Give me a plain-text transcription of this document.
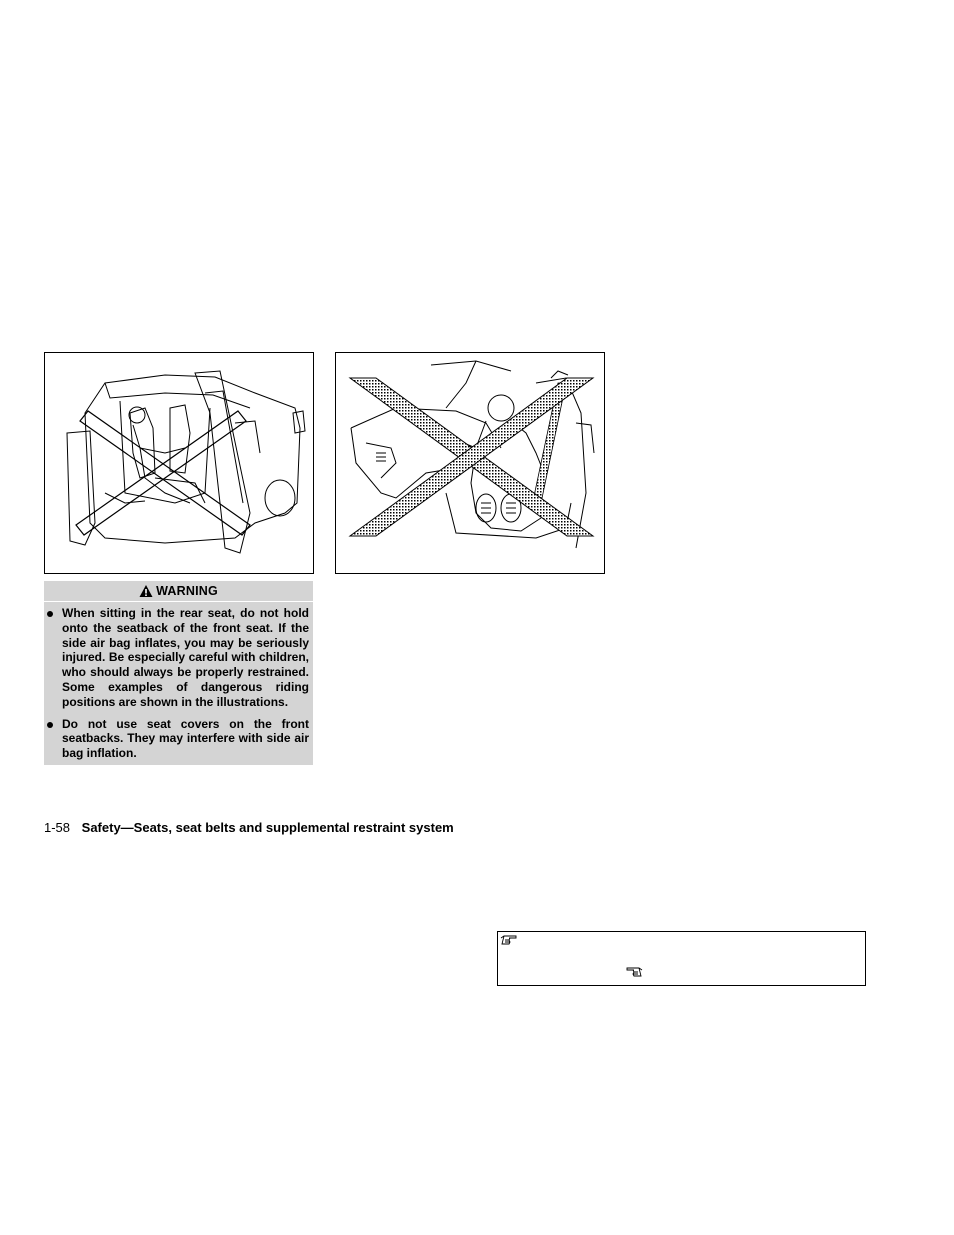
WARNING
When sitting in the rear seat, do not hold onto the seatback of the front seat. If the side air bag inflates, you may be seriously injured. Be especially careful with children, who should always be properly restrained. Some examples of dangerous riding positions are shown in the illustrations.
Do not use seat covers on the front seatbacks. They may interfere with side air bag inflation.
1-58 Safety—Seats, seat belts and supplemental restraint system
